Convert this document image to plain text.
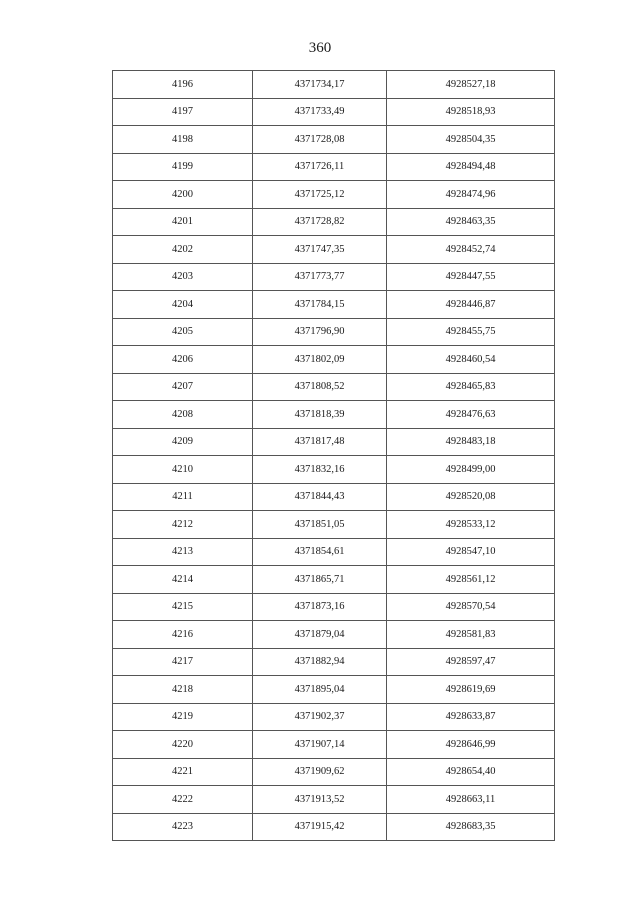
360
4196	4371734,17	4928527,18
4197	4371733,49	4928518,93
4198	4371728,08	4928504,35
4199	4371726,11	4928494,48
4200	4371725,12	4928474,96
4201	4371728,82	4928463,35
4202	4371747,35	4928452,74
4203	4371773,77	4928447,55
4204	4371784,15	4928446,87
4205	4371796,90	4928455,75
4206	4371802,09	4928460,54
4207	4371808,52	4928465,83
4208	4371818,39	4928476,63
4209	4371817,48	4928483,18
4210	4371832,16	4928499,00
4211	4371844,43	4928520,08
4212	4371851,05	4928533,12
4213	4371854,61	4928547,10
4214	4371865,71	4928561,12
4215	4371873,16	4928570,54
4216	4371879,04	4928581,83
4217	4371882,94	4928597,47
4218	4371895,04	4928619,69
4219	4371902,37	4928633,87
4220	4371907,14	4928646,99
4221	4371909,62	4928654,40
4222	4371913,52	4928663,11
4223	4371915,42	4928683,35
